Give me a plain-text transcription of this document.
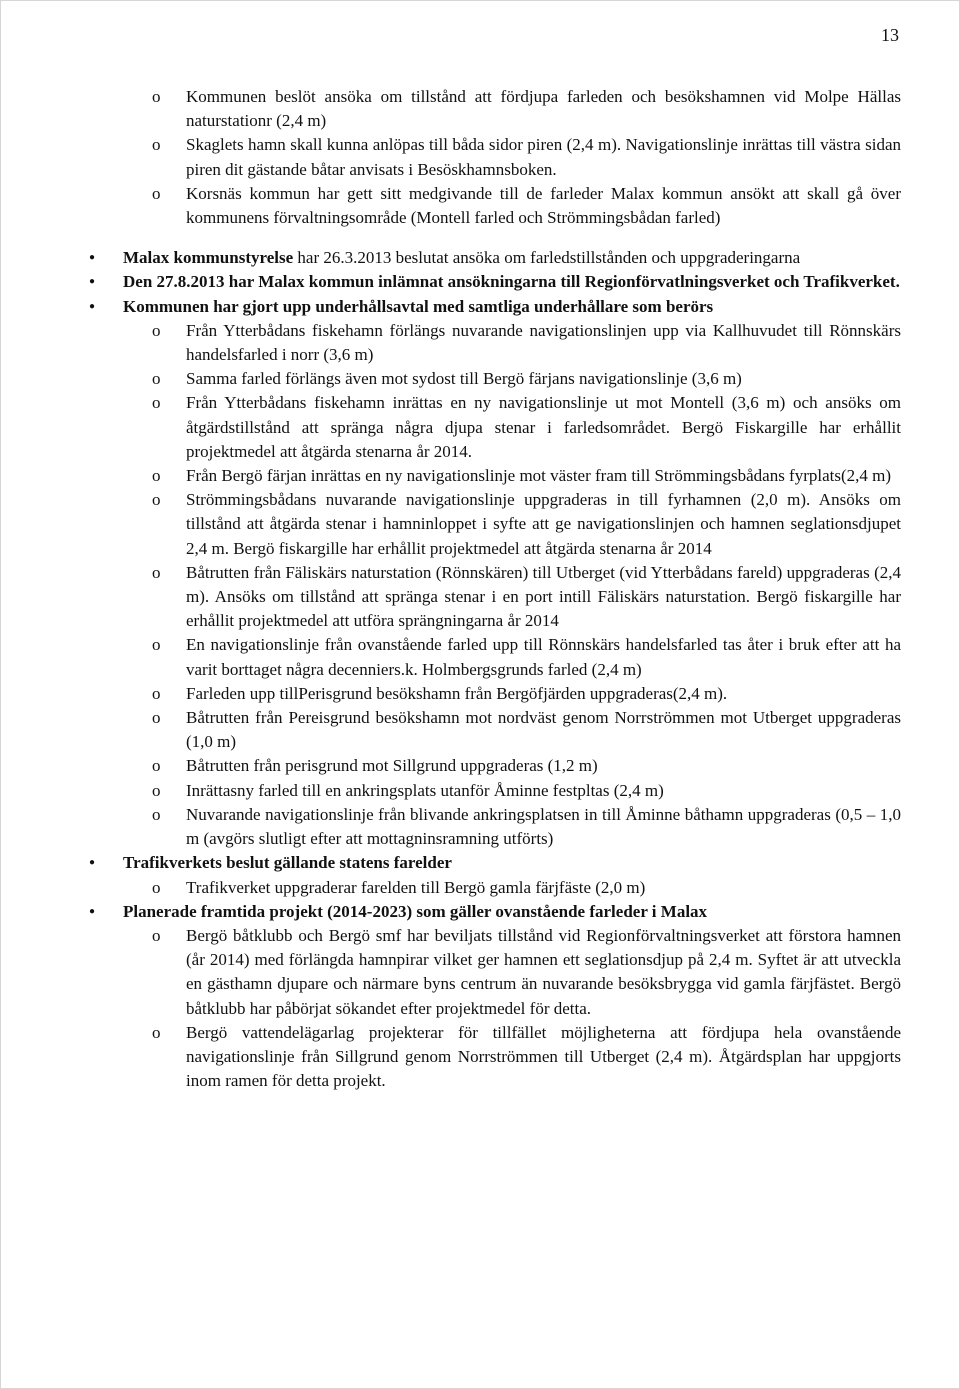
13
o Kommunen beslöt ansöka om tillstånd att fördjupa farleden och besökshamnen vid Molpe Hällas naturstationr (2,4 m)
o Skaglets hamn skall kunna anlöpas till båda sidor piren (2,4 m). Navigationslinje inrättas till västra sidan piren dit gästande båtar anvisats i Besöskhamnsboken.
o Korsnäs kommun har gett sitt medgivande till de farleder Malax kommun ansökt att skall gå över kommunens förvaltningsområde (Montell farled och Strömmingsbådan farled)
● Malax kommunstyrelse har 26.3.2013 beslutat ansöka om farledstillstånden och uppgraderingarna
● Den 27.8.2013 har Malax kommun inlämnat ansökningarna till Regionförvatlningsverket och Trafikverket.
● Kommunen har gjort upp underhållsavtal med samtliga underhållare som berörs
o Från Ytterbådans fiskehamn förlängs nuvarande navigationslinjen upp via Kallhuvudet till Rönnskärs handelsfarled i norr (3,6 m)
o Samma farled förlängs även mot sydost till Bergö färjans navigationslinje (3,6 m)
o Från Ytterbådans fiskehamn inrättas en ny navigationslinje ut mot Montell (3,6 m) och ansöks om åtgärdstillstånd att spränga några djupa stenar i farledsområdet. Bergö Fiskargille har erhållit projektmedel att åtgärda stenarna år 2014.
o Från Bergö färjan inrättas en ny navigationslinje mot väster fram till Strömmingsbådans fyrplats(2,4 m)
o Strömmingsbådans nuvarande navigationslinje uppgraderas in till fyrhamnen (2,0 m). Ansöks om tillstånd att åtgärda stenar i hamninloppet i syfte att ge navigationslinjen och hamnen seglationsdjupet 2,4 m. Bergö fiskargille har erhållit projektmedel att åtgärda stenarna år 2014
o Båtrutten från Fäliskärs naturstation (Rönnskären) till Utberget (vid Ytterbådans fareld) uppgraderas (2,4 m). Ansöks om tillstånd att spränga stenar i en port intill Fäliskärs naturstation. Bergö fiskargille har erhållit projektmedel att utföra sprängningarna år 2014
o En navigationslinje från ovanstående farled upp till Rönnskärs handelsfarled tas åter i bruk efter att ha varit borttaget några decenniers.k. Holmbergsgrunds farled (2,4 m)
o Farleden upp tillPerisgrund besökshamn från Bergöfjärden uppgraderas(2,4 m).
o Båtrutten från Pereisgrund besökshamn mot nordväst genom Norrströmmen mot Utberget uppgraderas (1,0 m)
o Båtrutten från perisgrund mot Sillgrund uppgraderas (1,2 m)
o Inrättasny farled till en ankringsplats utanför Åminne festpltas (2,4 m)
o Nuvarande navigationslinje från blivande ankringsplatsen in till Åminne båthamn uppgraderas (0,5 – 1,0 m (avgörs slutligt efter att mottagninsramning utförts)
● Trafikverkets beslut gällande statens farelder
o Trafikverket uppgraderar farelden till Bergö gamla färjfäste (2,0 m)
● Planerade framtida projekt (2014-2023) som gäller ovanstående farleder i Malax
o Bergö båtklubb och Bergö smf har beviljats tillstånd vid Regionförvaltningsverket att förstora hamnen (år 2014) med förlängda hamnpirar vilket ger hamnen ett seglationsdjup på 2,4 m. Syftet är att utveckla en gästhamn djupare och närmare byns centrum än nuvarande besöksbrygga vid gamla färjfästet. Bergö båtklubb har påbörjat sökandet efter projektmedel för detta.
o Bergö vattendelägarlag projekterar för tillfället möjligheterna att fördjupa hela ovanstående navigationslinje från Sillgrund genom Norrströmmen till Utberget (2,4 m). Åtgärdsplan har uppgjorts inom ramen för detta projekt.
